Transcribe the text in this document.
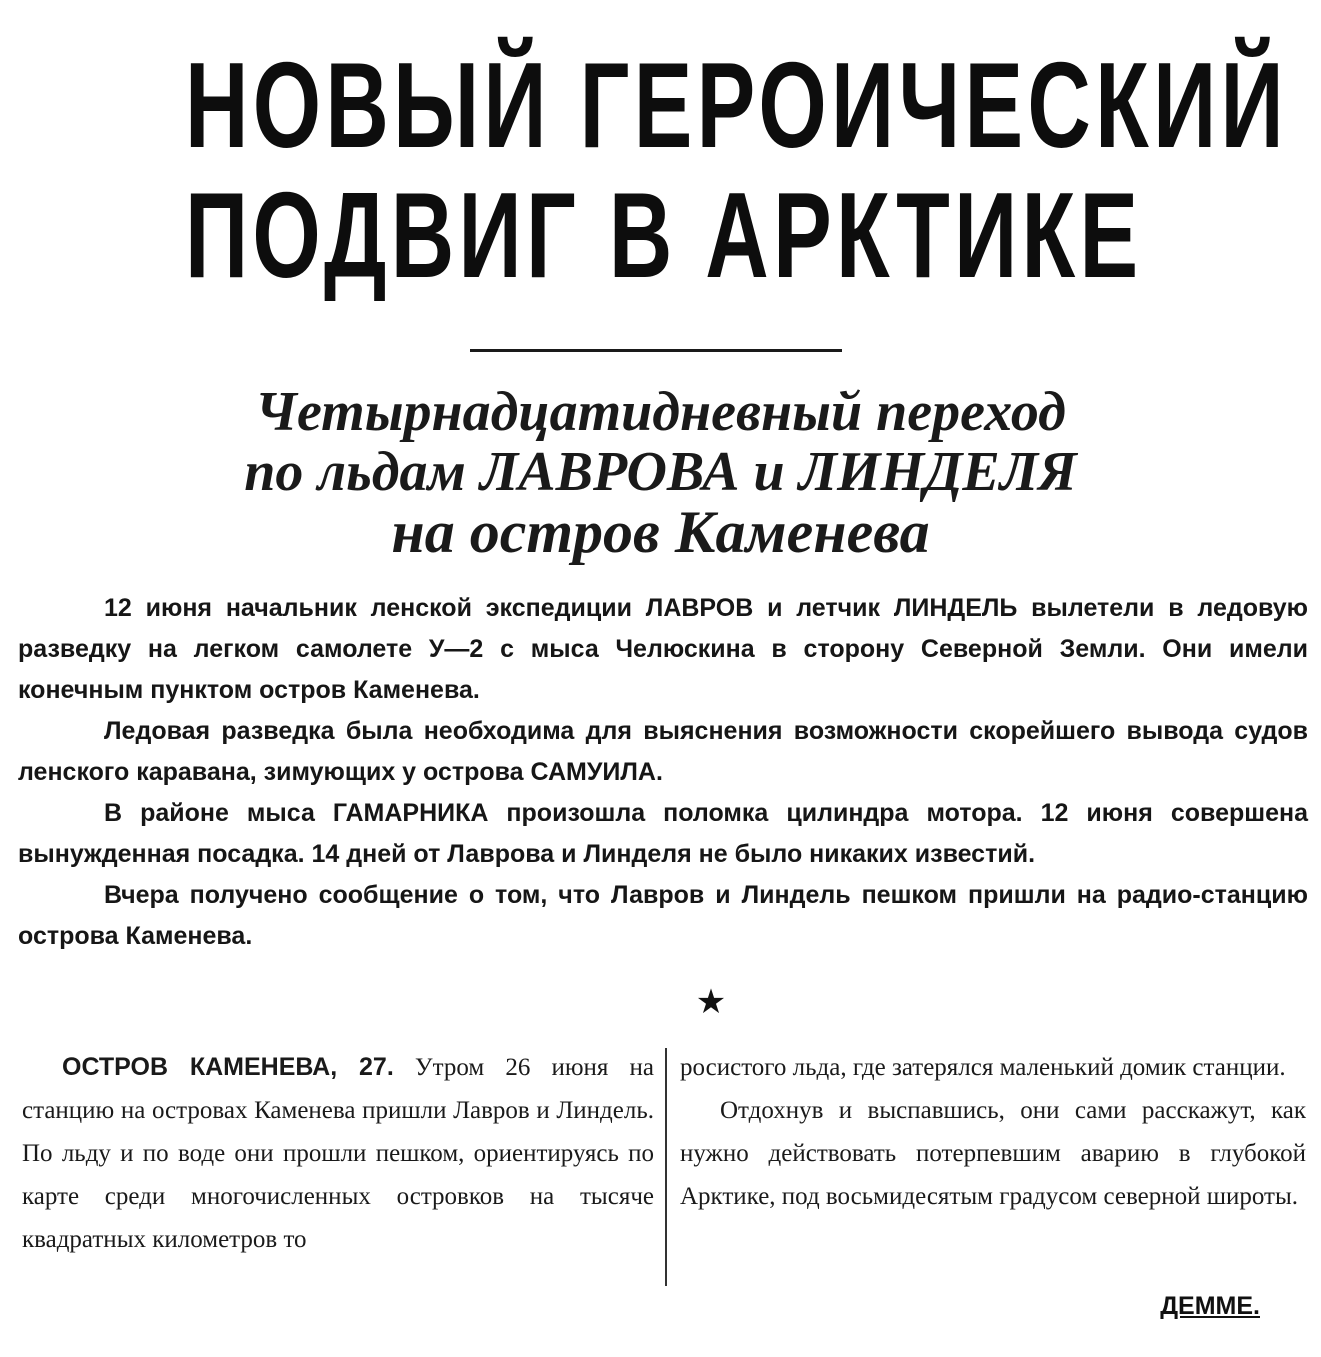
НОВЫЙ ГЕРОИЧЕСКИЙ
ПОДВИГ В АРКТИКЕ
Четырнадцатидневный переход
по льдам ЛАВРОВА и ЛИНДЕЛЯ
на остров Каменева

12 июня начальник ленской экспедиции ЛАВРОВ и летчик ЛИНДЕЛЬ вылетели в ледовую разведку на легком самолете У—2 с мыса Челюскина в сторону Северной Земли. Они имели конечным пунктом остров Каменева.

Ледовая разведка была необходима для выяснения возможности скорейшего вывода судов ленского каравана, зимующих у острова САМУИЛА.

В районе мыса ГАМАРНИКА произошла поломка цилиндра мотора. 12 июня совершена вынужденная посадка. 14 дней от Лаврова и Линделя не было никаких известий.

Вчера получено сообщение о том, что Лавров и Линдель пешком пришли на радио-станцию острова Каменева.

★

ОСТРОВ КАМЕНЕВА, 27. Утром 26 июня на станцию на островах Каменева пришли Лавров и Линдель. По льду и по воде они прошли пешком, ориентируясь по карте среди многочисленных островков на тысяче квадратных километров то

росистого льда, где затерялся маленький домик станции.

Отдохнув и выспавшись, они сами расскажут, как нужно действовать потерпевшим аварию в глубокой Арктике, под восьмидесятым градусом северной широты.

ДЕММЕ.
